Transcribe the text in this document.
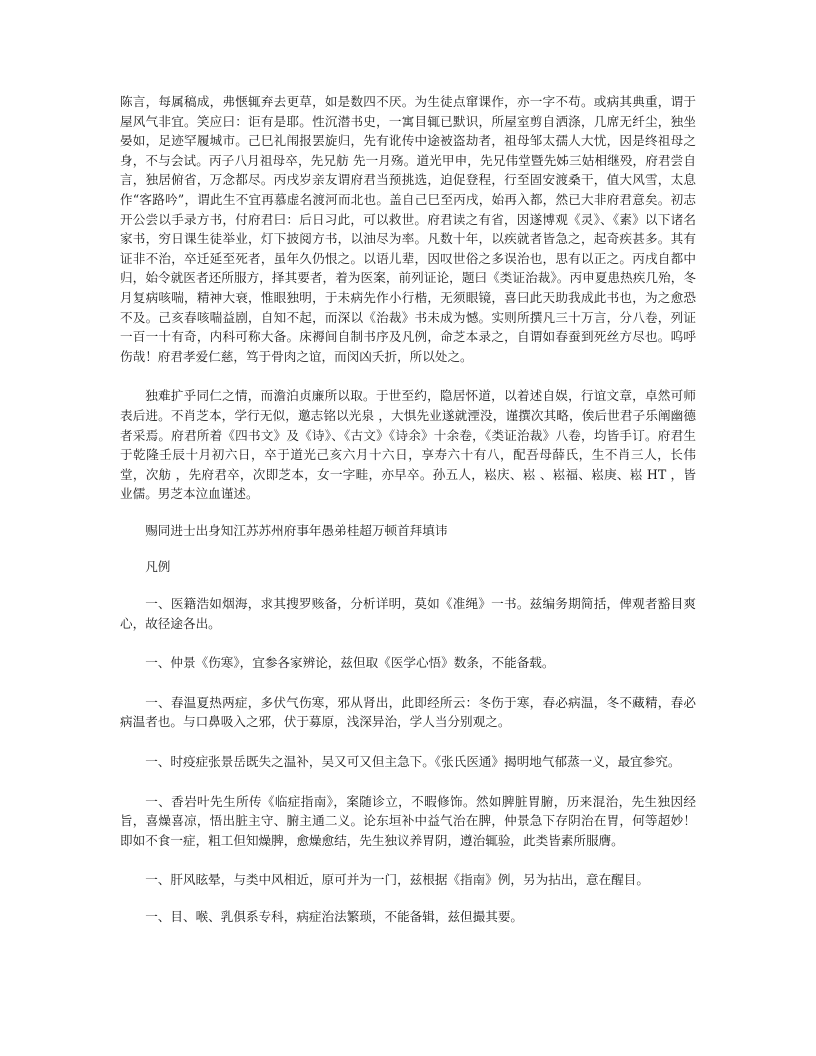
陈言，每属稿成，弗惬辄弃去更草，如是数四不厌。为生徒点窜课作，亦一字不苟。或病其典重，谓于 屋风气非宜。笑应曰：讵有是耶。性沉潜书史，一寓目辄已默识，所屋室剪自洒涤，几席无纤尘，独坐晏如，足迹罕履城市。己巳礼闱报罢旋归，先有讹传中途被盗劫者，祖母邹太孺人大忧，因是终祖母之身，不与会试。丙子八月祖母卒，先兄舫 先一月殇。道光甲申，先兄伟堂暨先姊三姑相继殁，府君尝自言，独居俯省，万念都尽。丙戌岁亲友谓府君当预挑选，迫促登程，行至固安渡桑干，值大风雪，太息作“客路吟”，谓此生不宜再慕虚名渡河而北也。盖自己巳至丙戌，始再入都，然已大非府君意矣。初志开公尝以手录方书，付府君曰：后日习此，可以救世。府君读之有省，因遂博观《灵》、《素》以下诸名家书，穷日课生徒举业，灯下披阅方书，以油尽为率。凡数十年，以疾就者皆急之，起奇疾甚多。其有证非不治，卒迁延至死者，虽年久仍恨之。以语儿辈，因叹世俗之多误治也，思有以正之。丙戌自都中归，始令就医者还所服方，择其要者，着为医案，前列证论，题曰《类证治裁》。丙申夏患热疾几殆，冬月复病咳喘，精神大衰，惟眼独明，于未病先作小行楷，无须眼镜，喜曰此天助我成此书也，为之愈恐不及。己亥春咳喘益剧，自知不起，而深以《治裁》书未成为憾。实则所撰凡三十万言，分八卷，列证一百一十有奇，内科可称大备。床褥间自制书序及凡例，命芝本录之，自谓如春蚕到死丝方尽也。呜呼伤哉！府君孝爱仁慈，笃于骨肉之谊，而闵凶夭折，所以处之。

独难扩乎同仁之情，而澹泊贞廉所以取。于世至约，隐居怀道，以着述自娱，行谊文章，卓然可师表后进。不肖芝本，学行无似，邀志铭以光泉 ，大惧先业遂就湮没，谨撰次其略，俟后世君子乐阐幽德者采焉。府君所着《四书文》及《诗》、《古文》《诗余》十余卷，《类证治裁》八卷，均皆手订。府君生于乾隆壬辰十月初六日，卒于道光己亥六月十六日，享寿六十有八，配吾母薛氏，生不肖三人，长伟堂，次舫 ，先府君卒，次即芝本，女一字畦，亦早卒。孙五人，崧庆、崧 、崧福、崧庚、崧 HT ，皆业儒。男芝本泣血谨述。

赐同进士出身知江苏苏州府事年愚弟桂超万顿首拜填讳

凡例

一、医籍浩如烟海，求其搜罗赅备，分析详明，莫如《准绳》一书。兹编务期简括，俾观者豁目爽心，故径途各出。

一、仲景《伤寒》，宜参各家辨论，兹但取《医学心悟》数条，不能备载。

一、春温夏热两症，多伏气伤寒，邪从肾出，此即经所云：冬伤于寒，春必病温，冬不藏精，春必病温者也。与口鼻吸入之邪，伏于募原，浅深异治，学人当分别观之。

一、时疫症张景岳既失之温补，吴又可又但主急下。《张氏医通》揭明地气郁蒸一义，最宜参究。

一、香岩叶先生所传《临症指南》，案随诊立，不暇修饰。然如脾脏胃腑，历来混治，先生独因经旨，喜燥喜凉，悟出脏主守、腑主通二义。论东垣补中益气治在脾，仲景急下存阴治在胃，何等超妙！即如不食一症，粗工但知燥脾，愈燥愈结，先生独议养胃阴，遵治辄验，此类皆素所服膺。

一、肝风眩晕，与类中风相近，原可并为一门，兹根据《指南》例，另为拈出，意在醒目。

一、目、喉、乳俱系专科，病症治法繁琐，不能备辑，兹但撮其要。
